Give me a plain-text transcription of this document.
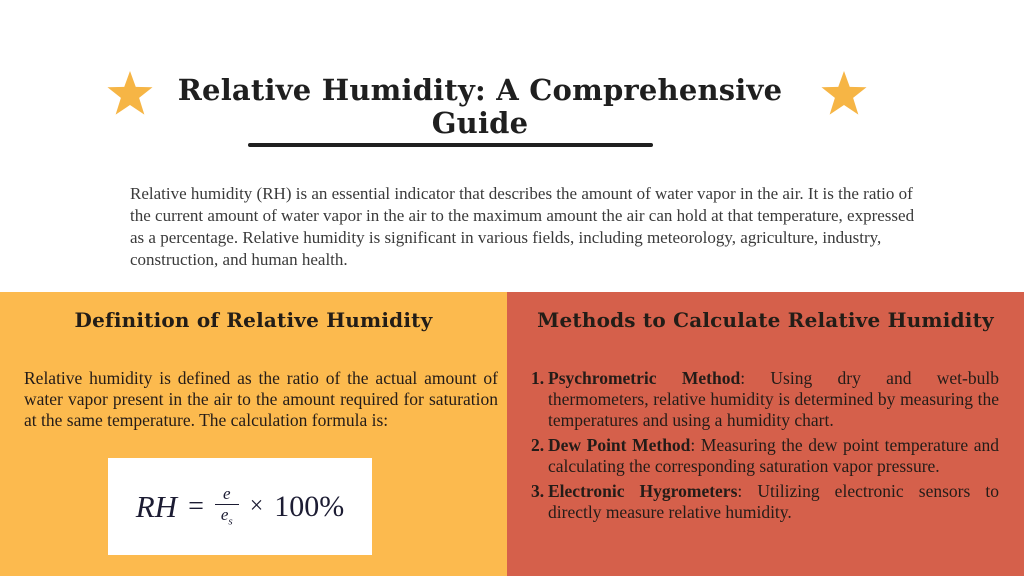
Relative Humidity: A Comprehensive Guide
Relative humidity (RH) is an essential indicator that describes the amount of water vapor in the air. It is the ratio of the current amount of water vapor in the air to the maximum amount the air can hold at that temperature, expressed as a percentage. Relative humidity is significant in various fields, including meteorology, agriculture, industry, construction, and human health.
Definition of Relative Humidity
Relative humidity is defined as the ratio of the actual amount of water vapor present in the air to the amount required for saturation at the same temperature. The calculation formula is:
RH = $\frac{e}{e_s} \times 100\%$
Methods to Calculate Relative Humidity
1. Psychrometric Method: Using dry and wet-bulb thermometers, relative humidity is determined by measuring the temperatures and using a humidity chart.
2. Dew Point Method: Measuring the dew point temperature and calculating the corresponding saturation vapor pressure.
3. Electronic Hygrometers: Utilizing electronic sensors to directly measure relative humidity.
